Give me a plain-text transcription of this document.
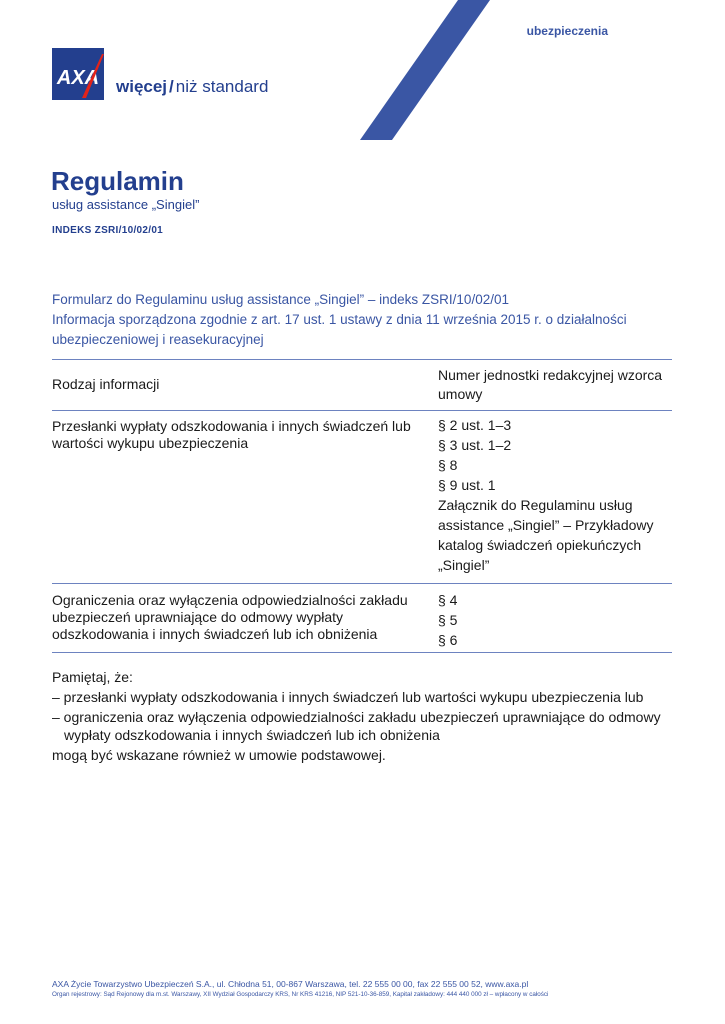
ubezpieczenia
AXA więcej / niż standard
Regulamin
usług assistance „Singiel”
INDEKS ZSRI/10/02/01
Formularz do Regulaminu usług assistance „Singiel” – indeks ZSRI/10/02/01
Informacja sporządzona zgodnie z art. 17 ust. 1 ustawy z dnia 11 września 2015 r. o działalności ubezpieczeniowej i reasekuracyjnej
Rodzaj informacji
Numer jednostki redakcyjnej wzorca umowy
Przesłanki wypłaty odszkodowania i innych świadczeń lub wartości wykupu ubezpieczenia
§ 2 ust. 1–3
§ 3 ust. 1–2
§ 8
§ 9 ust. 1
Załącznik do Regulaminu usług assistance „Singiel” – Przykładowy katalog świadczeń opiekuńczych „Singiel”
Ograniczenia oraz wyłączenia odpowiedzialności zakładu ubezpieczeń uprawniające do odmowy wypłaty odszkodowania i innych świadczeń lub ich obniżenia
§ 4
§ 5
§ 6
Pamiętaj, że:
– przesłanki wypłaty odszkodowania i innych świadczeń lub wartości wykupu ubezpieczenia lub
– ograniczenia oraz wyłączenia odpowiedzialności zakładu ubezpieczeń uprawniające do odmowy wypłaty odszkodowania i innych świadczeń lub ich obniżenia
mogą być wskazane również w umowie podstawowej.
AXA Życie Towarzystwo Ubezpieczeń S.A., ul. Chłodna 51, 00-867 Warszawa, tel. 22 555 00 00, fax 22 555 00 52, www.axa.pl
Organ rejestrowy: Sąd Rejonowy dla m.st. Warszawy, XII Wydział Gospodarczy KRS, Nr KRS 41216, NIP 521-10-36-859, Kapitał zakładowy: 444 440 000 zł – wpłacony w całości
